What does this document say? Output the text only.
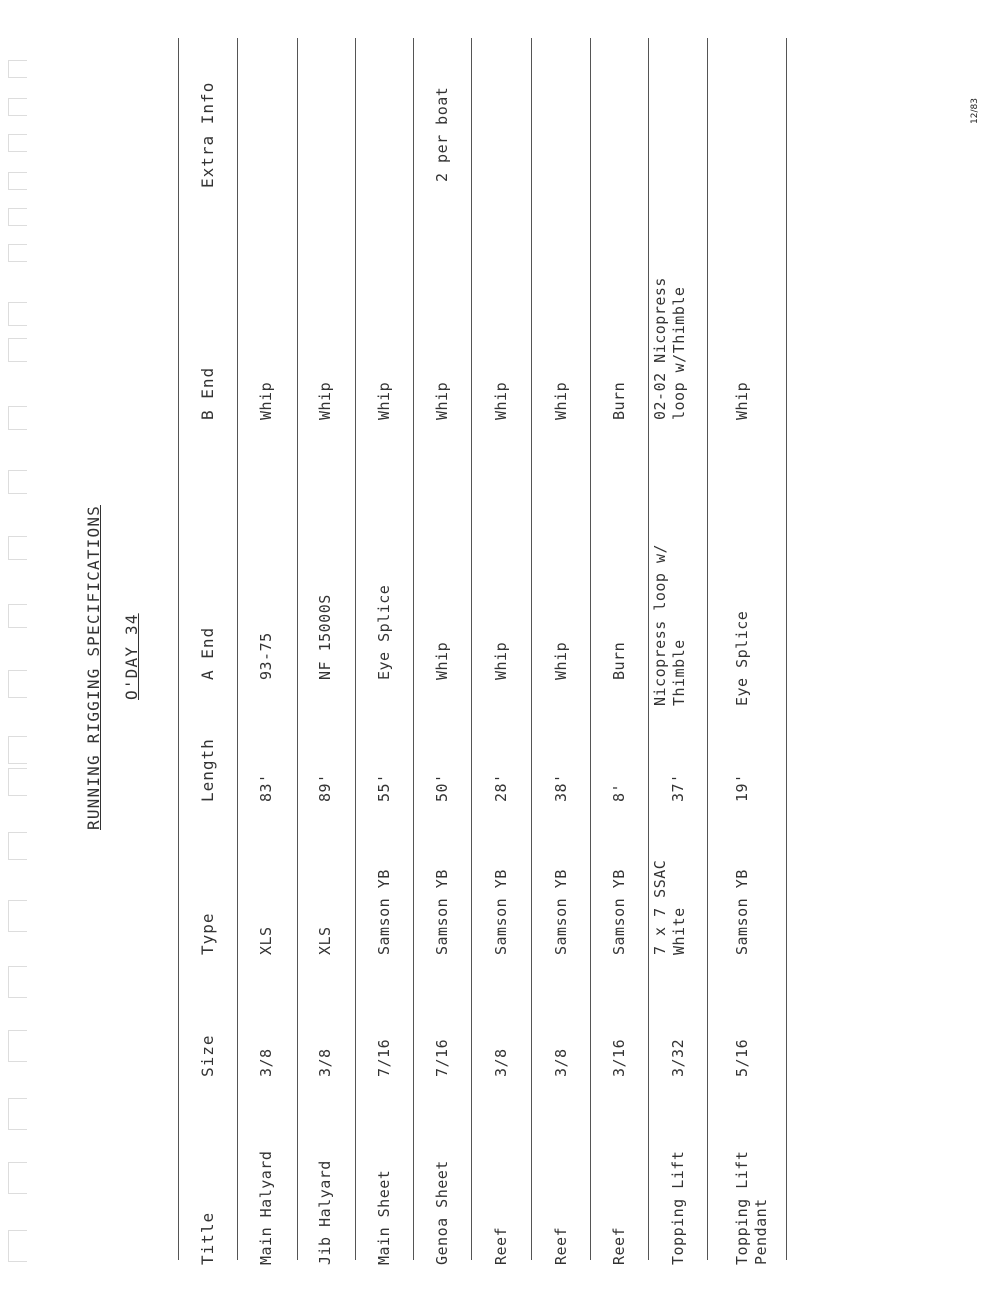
RUNNING RIGGING SPECIFICATIONS O'DAY 34
12/83
Title
Size
Type
Length
A End
B End
Extra Info
Main Halyard
3/8
XLS
83'
93-75
Whip
Jib Halyard
3/8
XLS
89'
NF 15000S
Whip
Main Sheet
7/16
Samson YB
55'
Eye Splice
Whip
Genoa Sheet
7/16
Samson YB
50'
Whip
Whip
2 per boat
Reef
3/8
Samson YB
28'
Whip
Whip
Reef
3/8
Samson YB
38'
Whip
Whip
Reef
3/16
Samson YB
8'
Burn
Burn
Topping Lift
3/32
7 x 7 SSAC
White
37'
Nicopress loop w/
Thimble
02-02 Nicopress
loop w/Thimble
Topping Lift
Pendant
5/16
Samson YB
19'
Eye Splice
Whip
